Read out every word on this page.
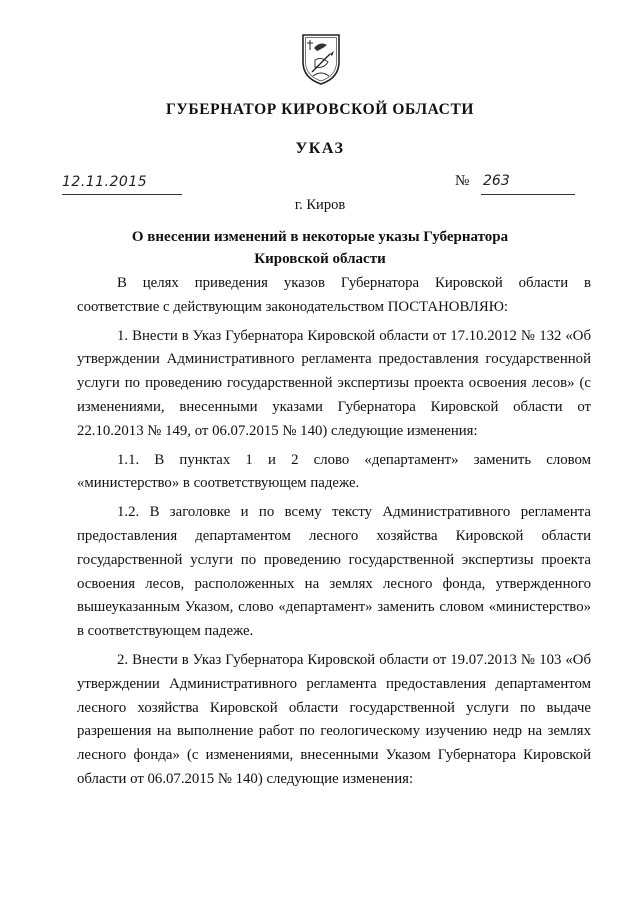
ГУБЕРНАТОР КИРОВСКОЙ ОБЛАСТИ
УКАЗ
12.11.2015	№ 263
г. Киров
О внесении изменений в некоторые указы Губернатора
Кировской области

В целях приведения указов Губернатора Кировской области в соответствие с действующим законодательством ПОСТАНОВЛЯЮ:

1. Внести в Указ Губернатора Кировской области от 17.10.2012 № 132 «Об утверждении Административного регламента предоставления государственной услуги по проведению государственной экспертизы проекта освоения лесов» (с изменениями, внесенными указами Губернатора Кировской области от 22.10.2013 № 149, от 06.07.2015 № 140) следующие изменения:

1.1. В пунктах 1 и 2 слово «департамент» заменить словом «министерство» в соответствующем падеже.

1.2. В заголовке и по всему тексту Административного регламента предоставления департаментом лесного хозяйства Кировской области государственной услуги по проведению государственной экспертизы проекта освоения лесов, расположенных на землях лесного фонда, утвержденного вышеуказанным Указом, слово «департамент» заменить словом «министерство» в соответствующем падеже.

2. Внести в Указ Губернатора Кировской области от 19.07.2013 № 103 «Об утверждении Административного регламента предоставления департаментом лесного хозяйства Кировской области государственной услуги по выдаче разрешения на выполнение работ по геологическому изучению недр на землях лесного фонда» (с изменениями, внесенными Указом Губернатора Кировской области от 06.07.2015 № 140) следующие изменения:
